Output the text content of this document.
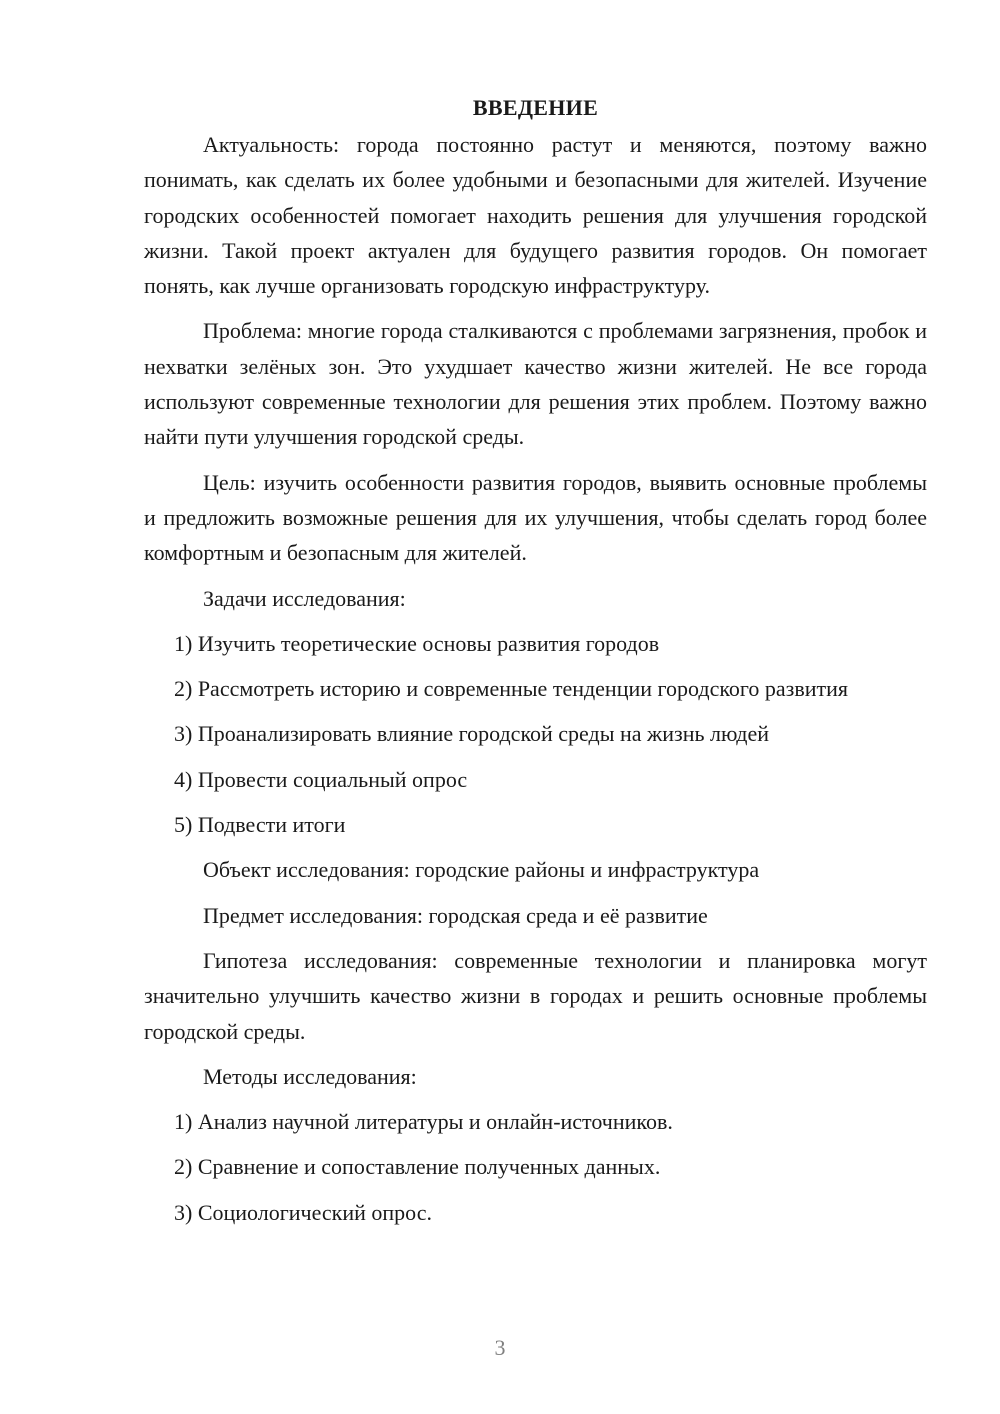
ВВЕДЕНИЕ

Актуальность: города постоянно растут и меняются, поэтому важно понимать, как сделать их более удобными и безопасными для жителей. Изучение городских особенностей помогает находить решения для улучшения городской жизни. Такой проект актуален для будущего развития городов. Он помогает понять, как лучше организовать городскую инфраструктуру.

Проблема: многие города сталкиваются с проблемами загрязнения, пробок и нехватки зелёных зон. Это ухудшает качество жизни жителей. Не все города используют современные технологии для решения этих проблем. Поэтому важно найти пути улучшения городской среды.

Цель: изучить особенности развития городов, выявить основные проблемы и предложить возможные решения для их улучшения, чтобы сделать город более комфортным и безопасным для жителей.

Задачи исследования:

1) Изучить теоретические основы развития городов

2) Рассмотреть историю и современные тенденции городского развития

3) Проанализировать влияние городской среды на жизнь людей

4) Провести социальный опрос

5) Подвести итоги

Объект исследования: городские районы и инфраструктура

Предмет исследования: городская среда и её развитие

Гипотеза исследования: современные технологии и планировка могут значительно улучшить качество жизни в городах и решить основные проблемы городской среды.

Методы исследования:

1) Анализ научной литературы и онлайн-источников.

2) Сравнение и сопоставление полученных данных.

3) Социологический опрос.

3
